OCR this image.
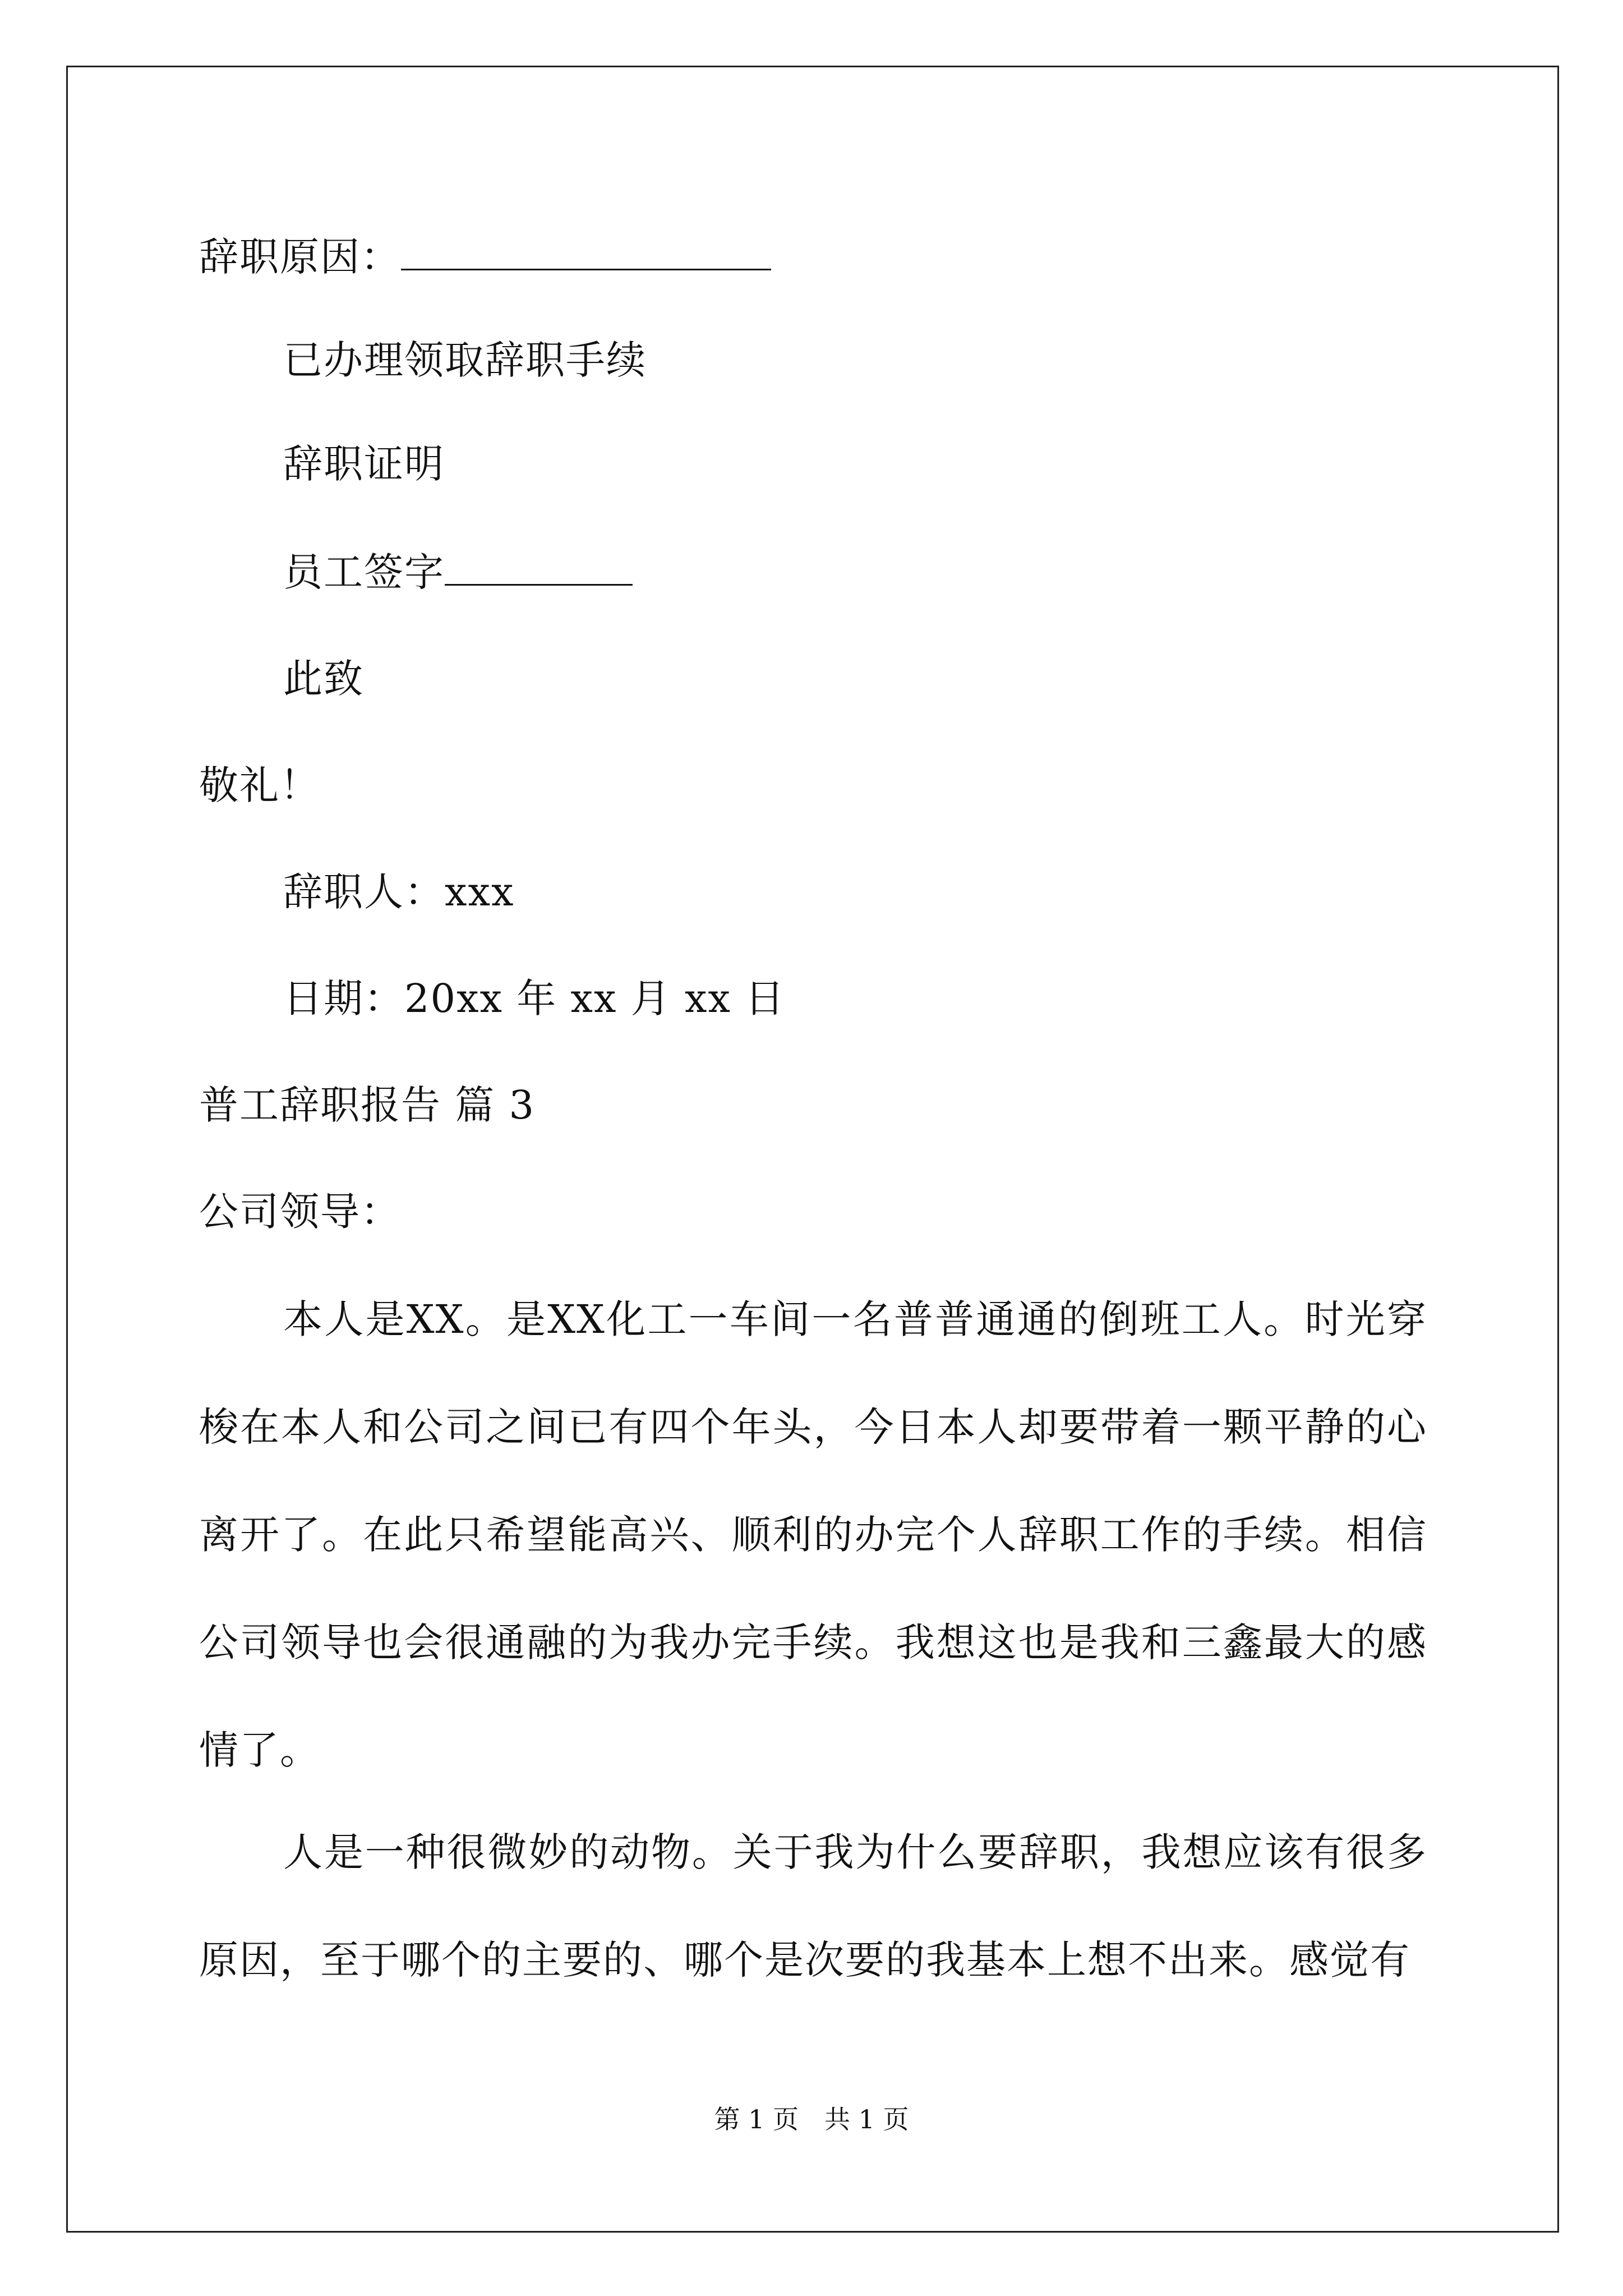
辞职原因：
已办理领取辞职手续
辞职证明
员工签字
此致
敬礼！
辞职人：xxx
日期：20xx 年 xx 月 xx 日
普工辞职报告 篇 3
公司领导：

本人是XX。是XX化工一车间一名普普通通的倒班工人。时光穿梭在本人和公司之间已有四个年头，今日本人却要带着一颗平静的心离开了。在此只希望能高兴、顺利的办完个人辞职工作的手续。相信公司领导也会很通融的为我办完手续。我想这也是我和三鑫最大的感情了。

人是一种很微妙的动物。关于我为什么要辞职，我想应该有很多原因，至于哪个的主要的、哪个是次要的我基本上想不出来。感觉有

第 1 页　共 1 页
